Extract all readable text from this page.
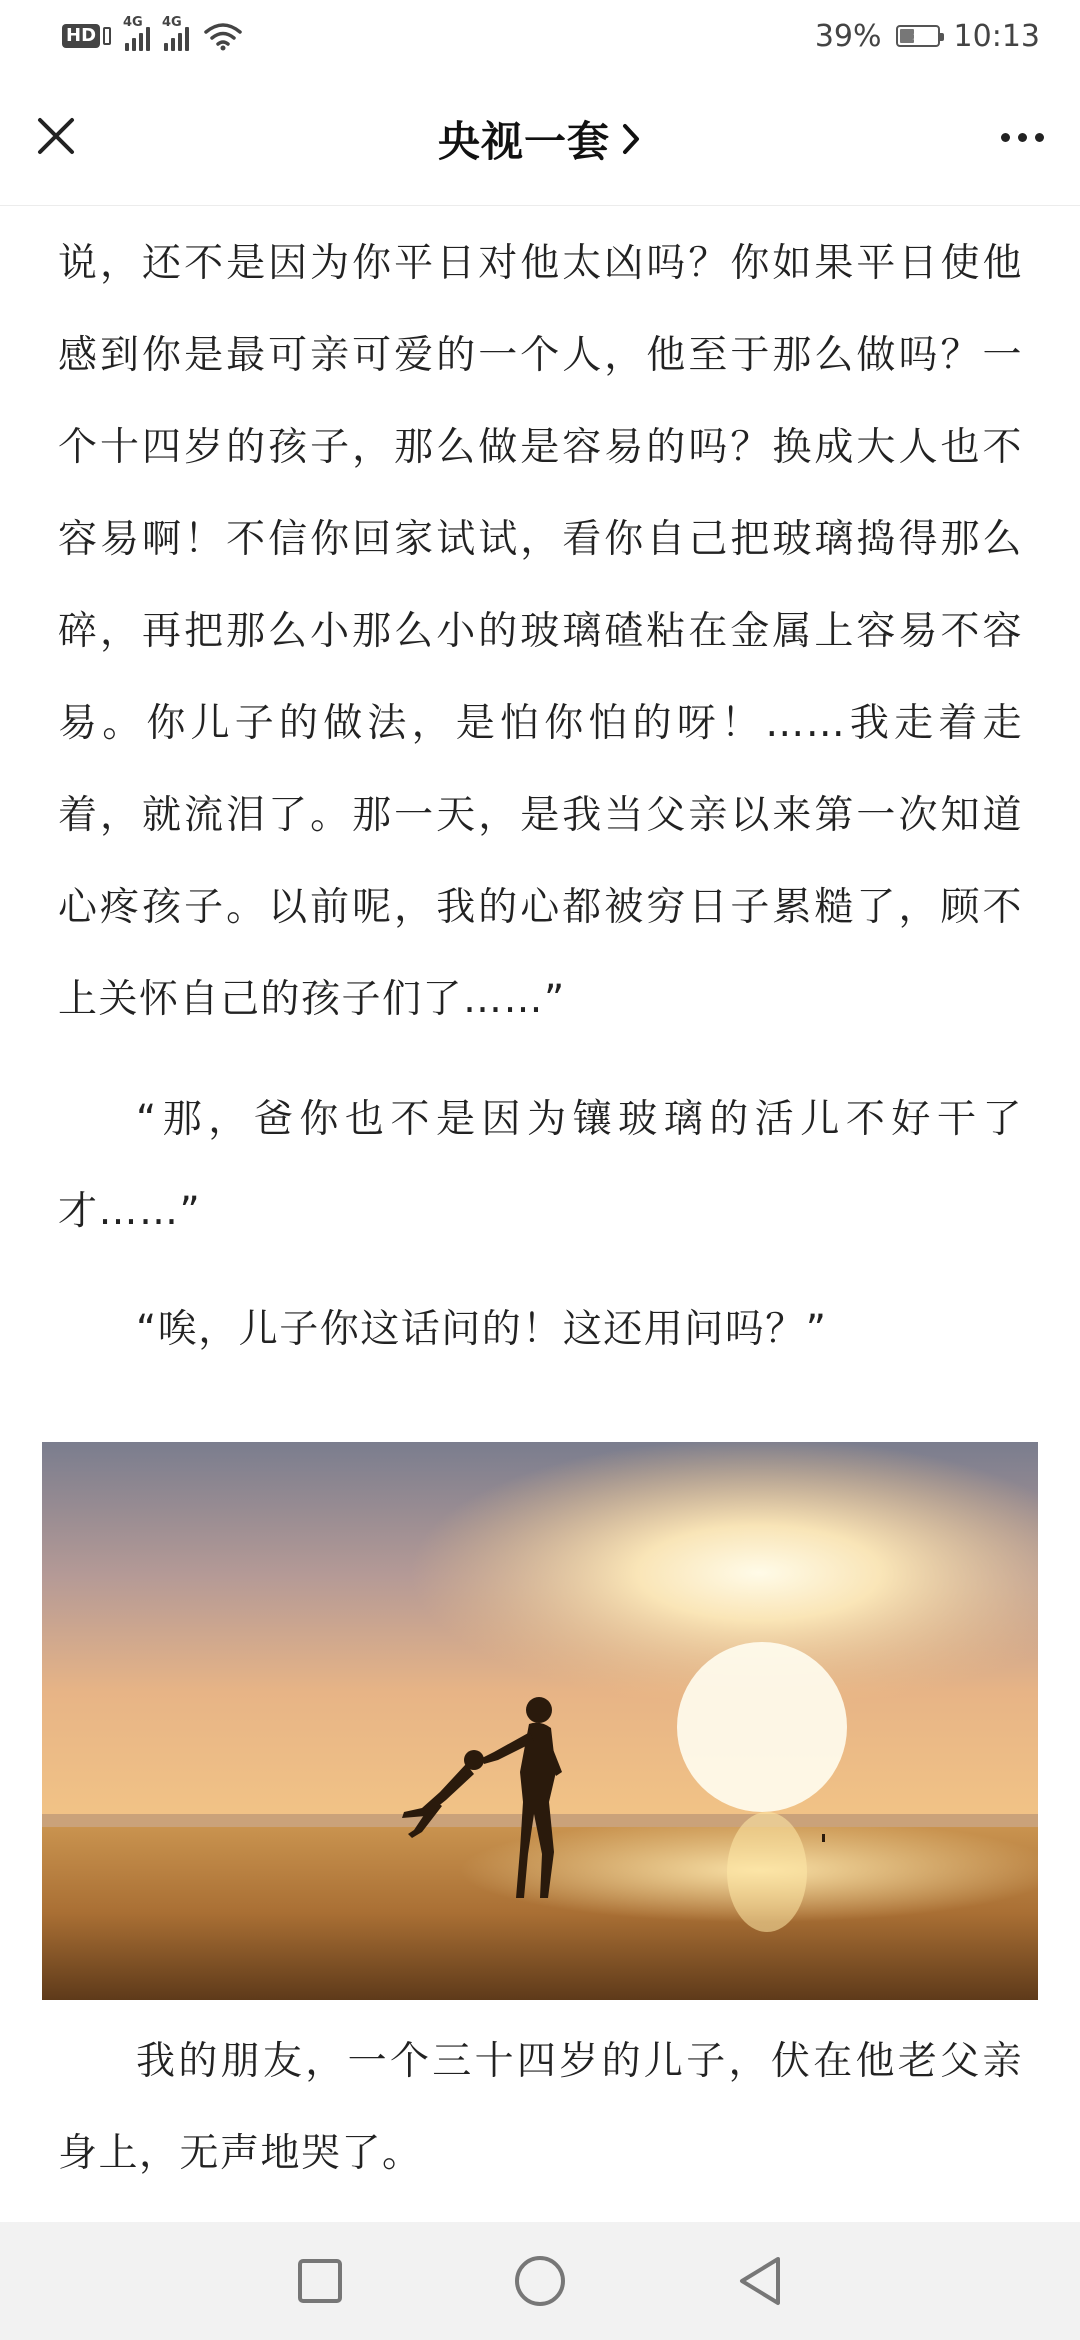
HD
4G 4G	39% ⚡ 10:13
央视一套

说，还不是因为你平日对他太凶吗？你如果平日使他感到你是最可亲可爱的一个人，他至于那么做吗？一个十四岁的孩子，那么做是容易的吗？换成大人也不容易啊！不信你回家试试，看你自己把玻璃捣得那么碎，再把那么小那么小的玻璃碴粘在金属上容易不容易。你儿子的做法，是怕你怕的呀！……我走着走着，就流泪了。那一天，是我当父亲以来第一次知道心疼孩子。以前呢，我的心都被穷日子累糙了，顾不上关怀自己的孩子们了……”

“那，爸你也不是因为镶玻璃的活儿不好干了才……”

“唉，儿子你这话问的！这还用问吗？”

我的朋友，一个三十四岁的儿子，伏在他老父亲身上，无声地哭了。
